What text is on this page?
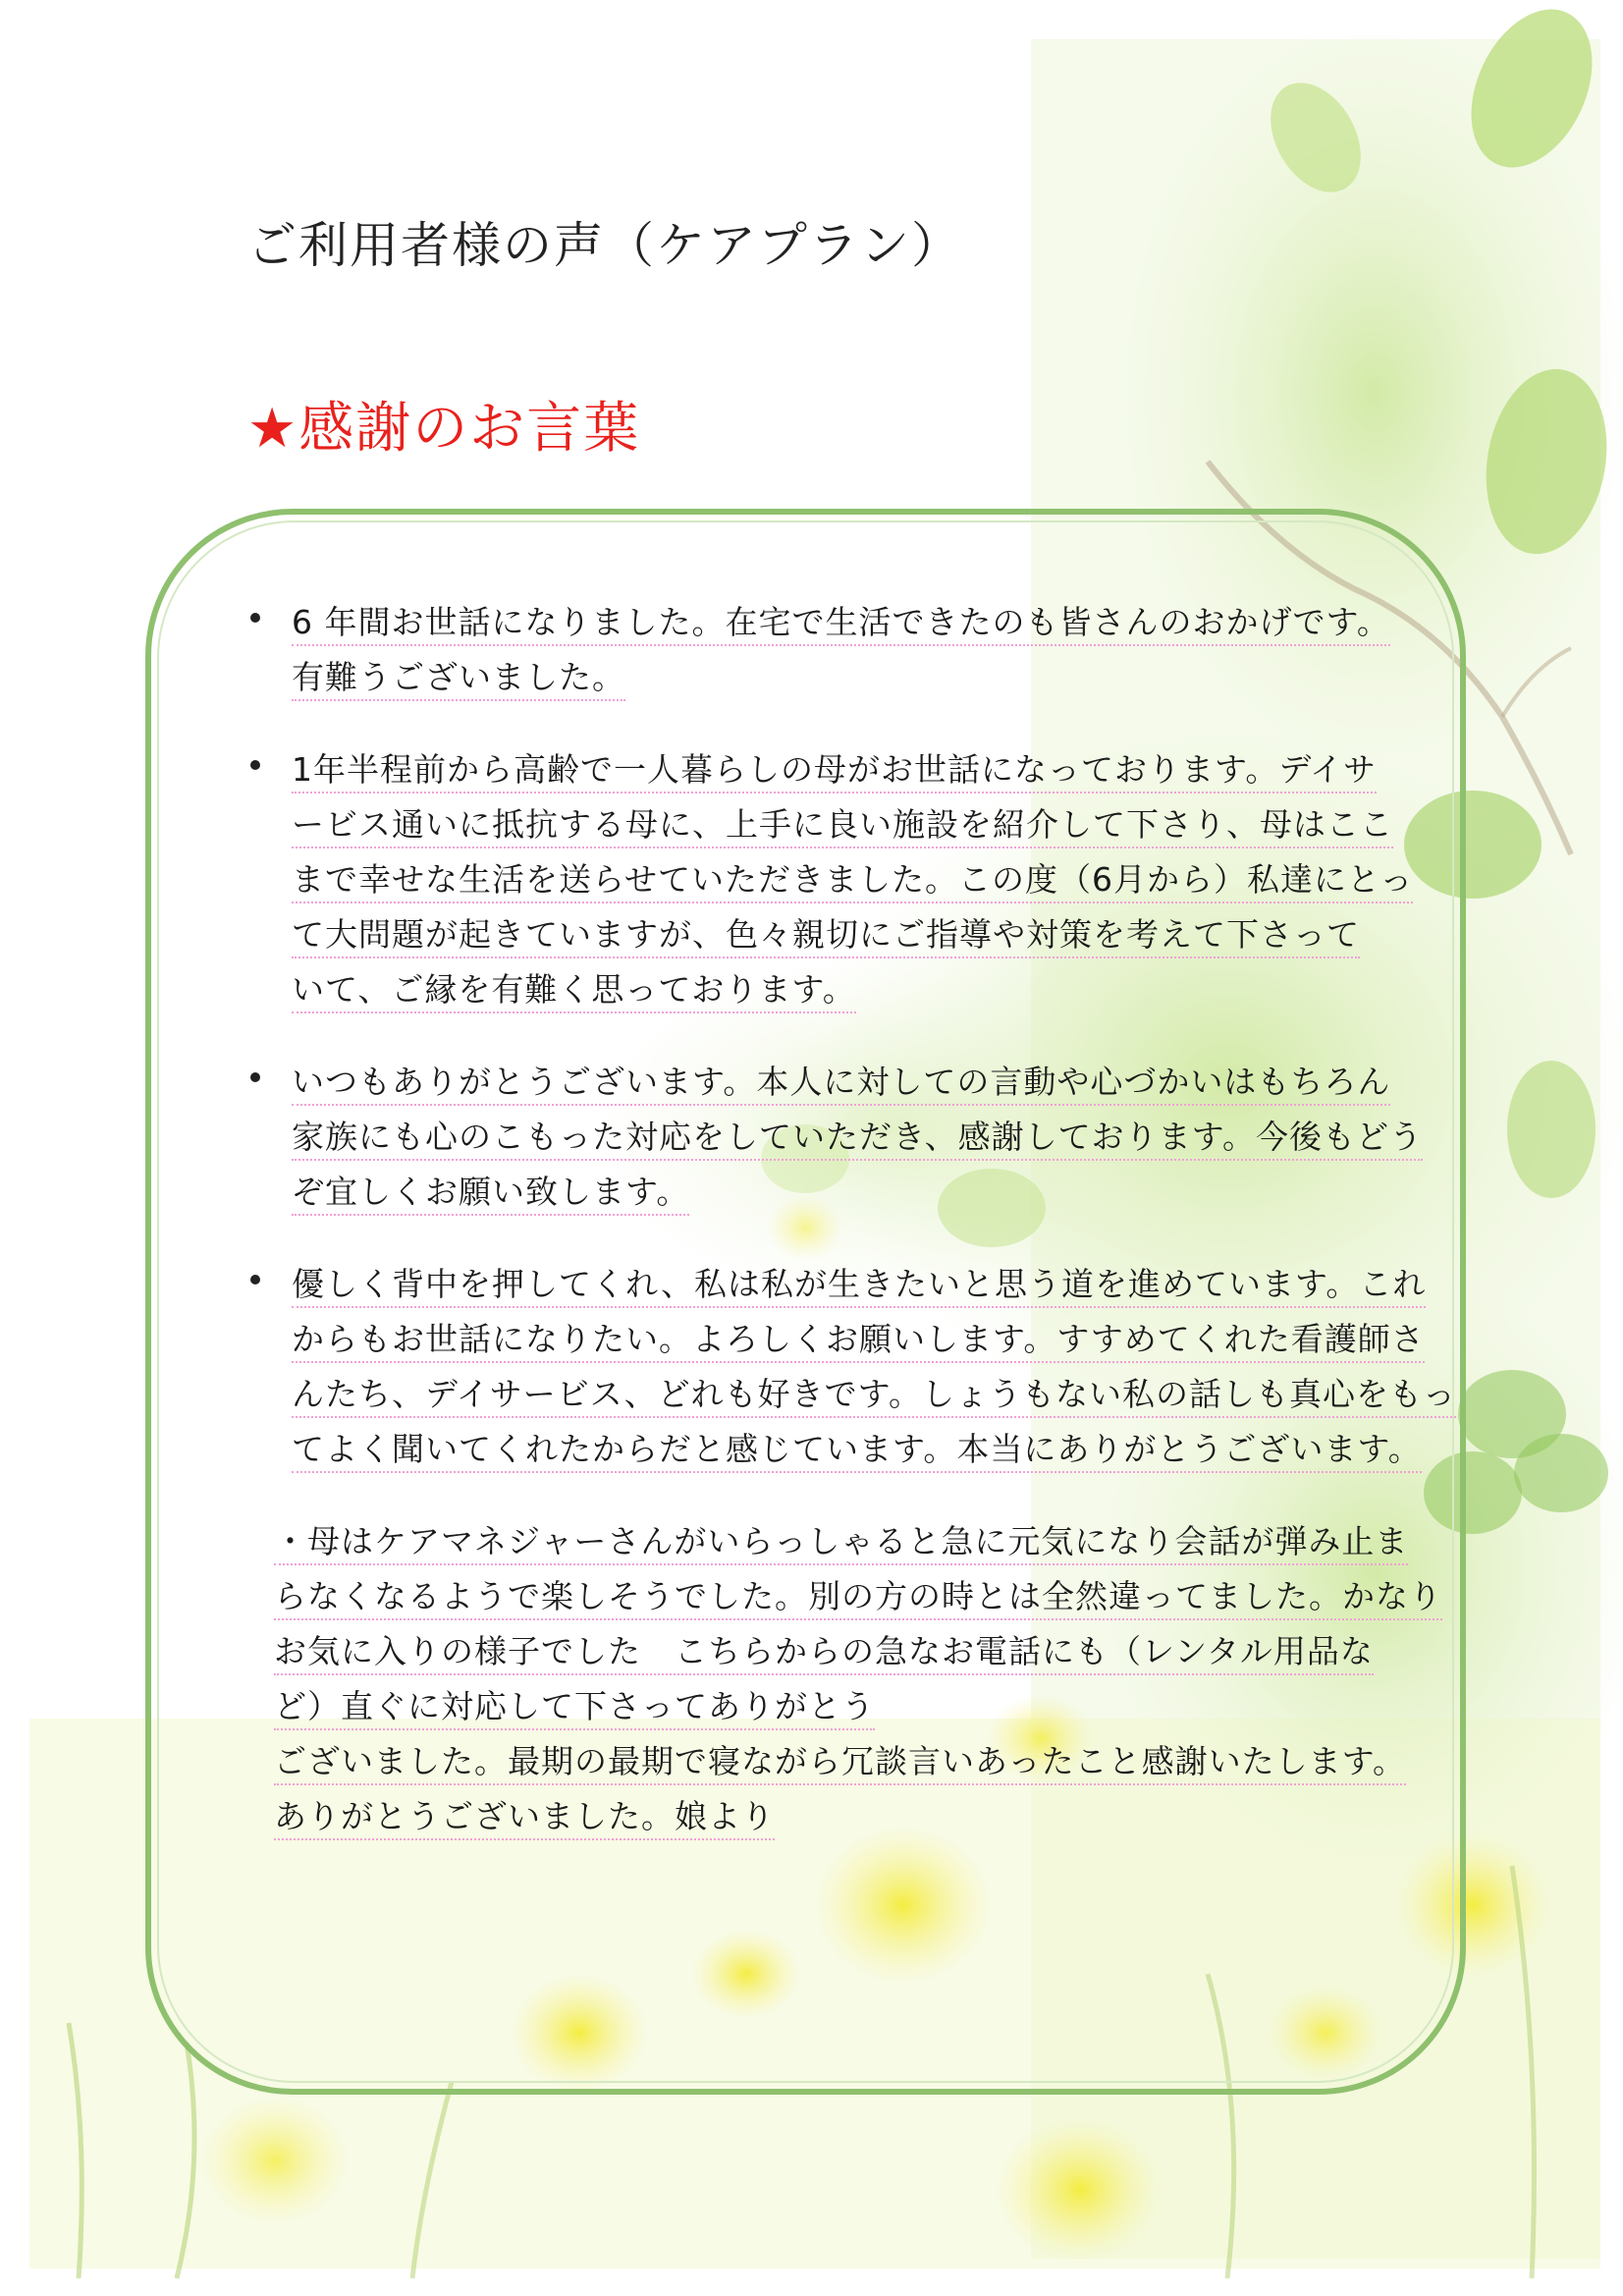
ご利用者様の声（ケアプラン）
★感謝のお言葉
6 年間お世話になりました。在宅で生活できたのも皆さんのおかげです。
有難うございました。
1年半程前から高齢で一人暮らしの母がお世話になっております。デイサ
ービス通いに抵抗する母に、上手に良い施設を紹介して下さり、母はここ
まで幸せな生活を送らせていただきました。この度（6月から）私達にとっ
て大問題が起きていますが、色々親切にご指導や対策を考えて下さって
いて、ご縁を有難く思っております。
いつもありがとうございます。本人に対しての言動や心づかいはもちろん
家族にも心のこもった対応をしていただき、感謝しております。今後もどう
ぞ宜しくお願い致します。
優しく背中を押してくれ、私は私が生きたいと思う道を進めています。これ
からもお世話になりたい。よろしくお願いします。すすめてくれた看護師さ
んたち、デイサービス、どれも好きです。しょうもない私の話しも真心をもっ
てよく聞いてくれたからだと感じています。本当にありがとうございます。
・母はケアマネジャーさんがいらっしゃると急に元気になり会話が弾み止ま
らなくなるようで楽しそうでした。別の方の時とは全然違ってました。かなり
お気に入りの様子でした　こちらからの急なお電話にも（レンタル用品な
ど）直ぐに対応して下さってありがとう
ございました。最期の最期で寝ながら冗談言いあったこと感謝いたします。
ありがとうございました。娘より
